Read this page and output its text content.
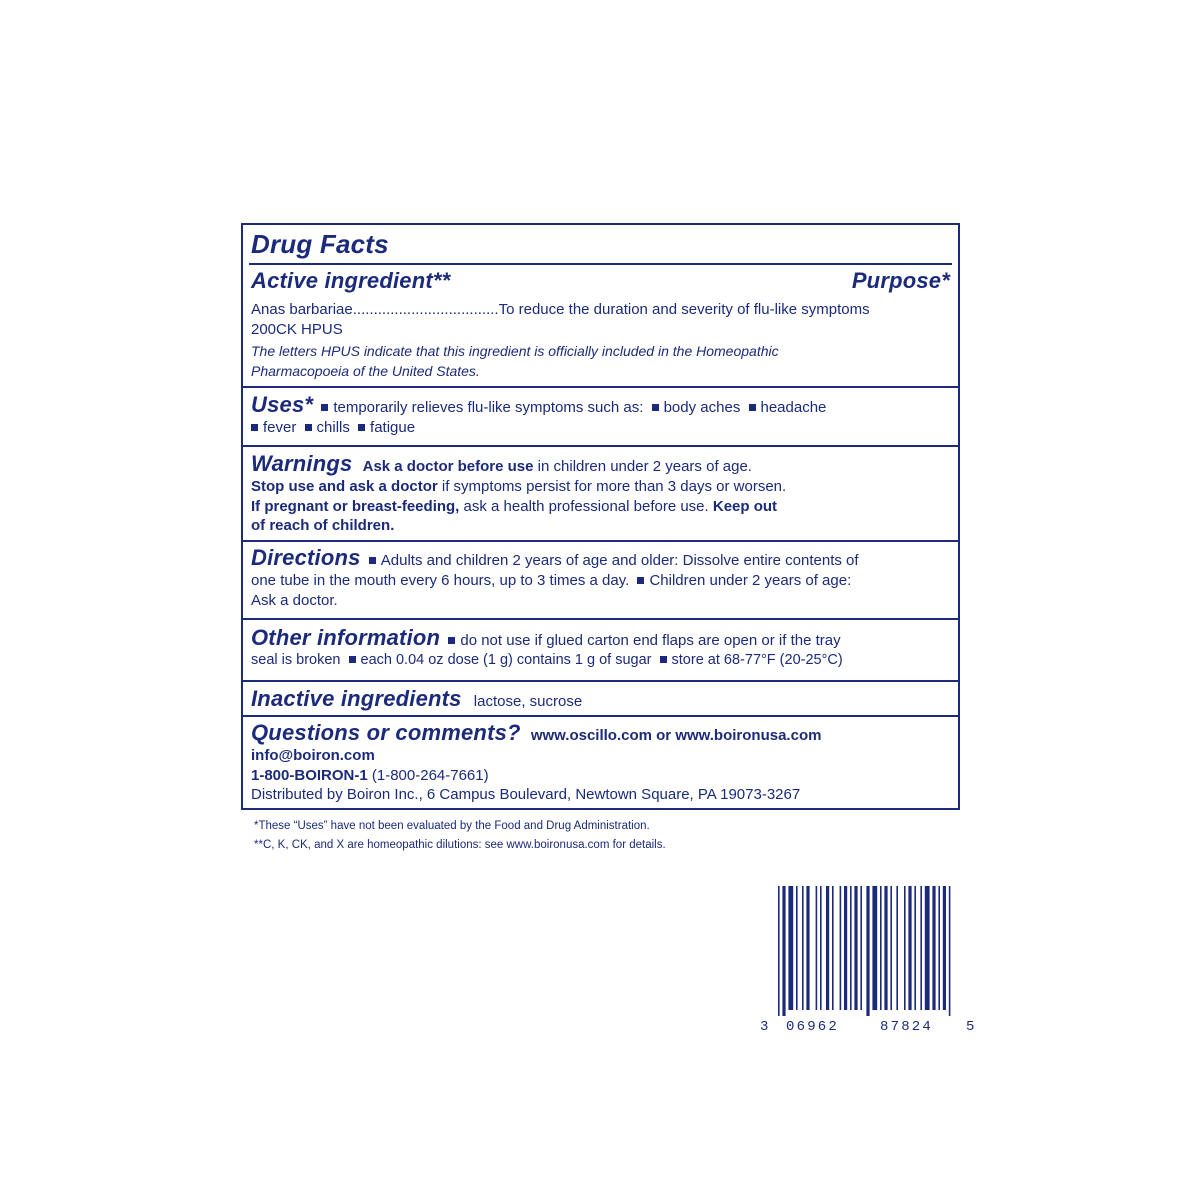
Drug Facts
Active ingredient**	Purpose*
Anas barbariae...................................To reduce the duration and severity of flu-like symptoms
200CK HPUS
The letters HPUS indicate that this ingredient is officially included in the Homeopathic
Pharmacopoeia of the United States.
Uses* temporarily relieves flu-like symptoms such as: body aches headache
fever chills fatigue
Warnings Ask a doctor before use in children under 2 years of age.
Stop use and ask a doctor if symptoms persist for more than 3 days or worsen.
If pregnant or breast-feeding, ask a health professional before use. Keep out
of reach of children.
Directions Adults and children 2 years of age and older: Dissolve entire contents of
one tube in the mouth every 6 hours, up to 3 times a day. Children under 2 years of age:
Ask a doctor.
Other information do not use if glued carton end flaps are open or if the tray
seal is broken each 0.04 oz dose (1 g) contains 1 g of sugar store at 68-77°F (20-25°C)
Inactive ingredients lactose, sucrose
Questions or comments? www.oscillo.com or www.boironusa.com
info@boiron.com
1-800-BOIRON-1 (1-800-264-7661)
Distributed by Boiron Inc., 6 Campus Boulevard, Newtown Square, PA 19073-3267
*These “Uses” have not been evaluated by the Food and Drug Administration.
**C, K, CK, and X are homeopathic dilutions: see www.boironusa.com for details.
3 06962	87824 5
